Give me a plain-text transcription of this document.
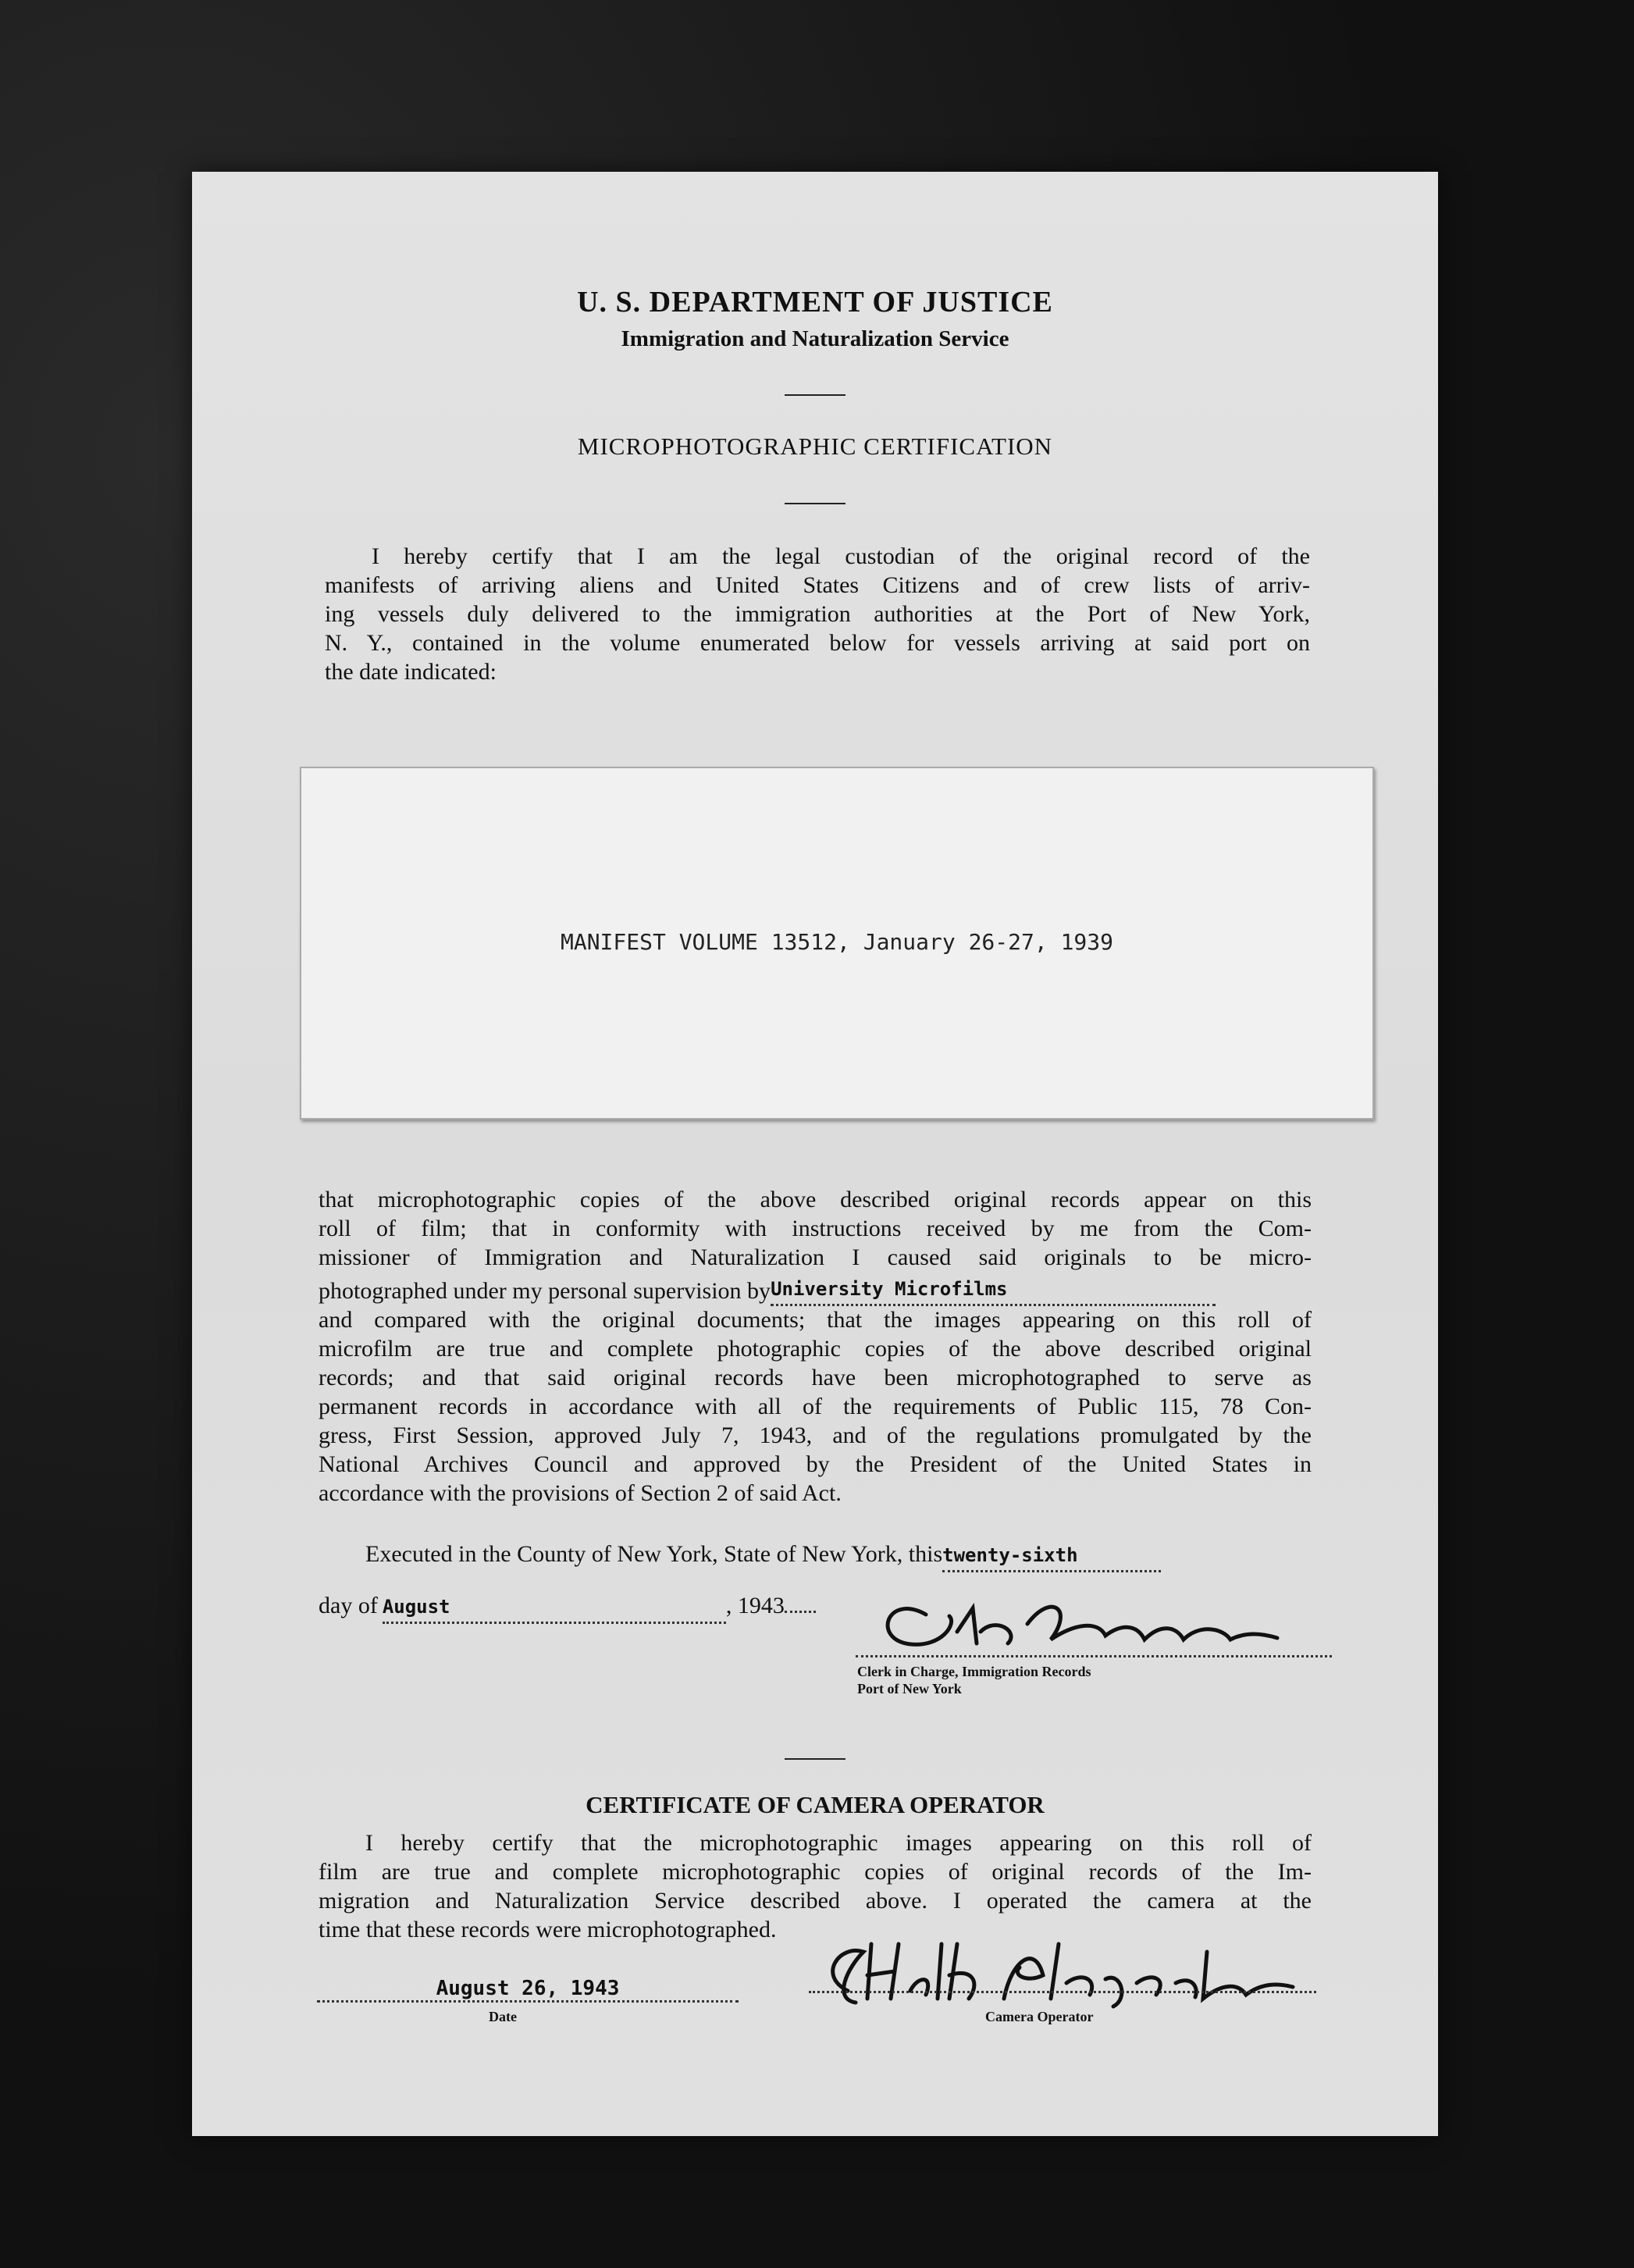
U. S. DEPARTMENT OF JUSTICE
Immigration and Naturalization Service
MICROPHOTOGRAPHIC CERTIFICATION
I hereby certify that I am the legal custodian of the original record of the
manifests of arriving aliens and United States Citizens and of crew lists of arriv-
ing vessels duly delivered to the immigration authorities at the Port of New York,
N. Y., contained in the volume enumerated below for vessels arriving at said port on
the date indicated:
MANIFEST VOLUME 13512, January 26-27, 1939
that microphotographic copies of the above described original records appear on this
roll of film; that in conformity with instructions received by me from the Com-
missioner of Immigration and Naturalization I caused said originals to be micro-
photographed under my personal supervision byUniversity Microfilms
and compared with the original documents; that the images appearing on this roll of
microfilm are true and complete photographic copies of the above described original
records; and that said original records have been microphotographed to serve as
permanent records in accordance with all of the requirements of Public 115, 78 Con-
gress, First Session, approved July 7, 1943, and of the regulations promulgated by the
National Archives Council and approved by the President of the United States in
accordance with the provisions of Section 2 of said Act.
Executed in the County of New York, State of New York, thistwenty-sixth
day of August	, 1943
Clerk in Charge, Immigration Records
Port of New York
CERTIFICATE OF CAMERA OPERATOR
I hereby certify that the microphotographic images appearing on this roll of
film are true and complete microphotographic copies of original records of the Im-
migration and Naturalization Service described above. I operated the camera at the
time that these records were microphotographed.
August 26, 1943
Date	Camera Operator
